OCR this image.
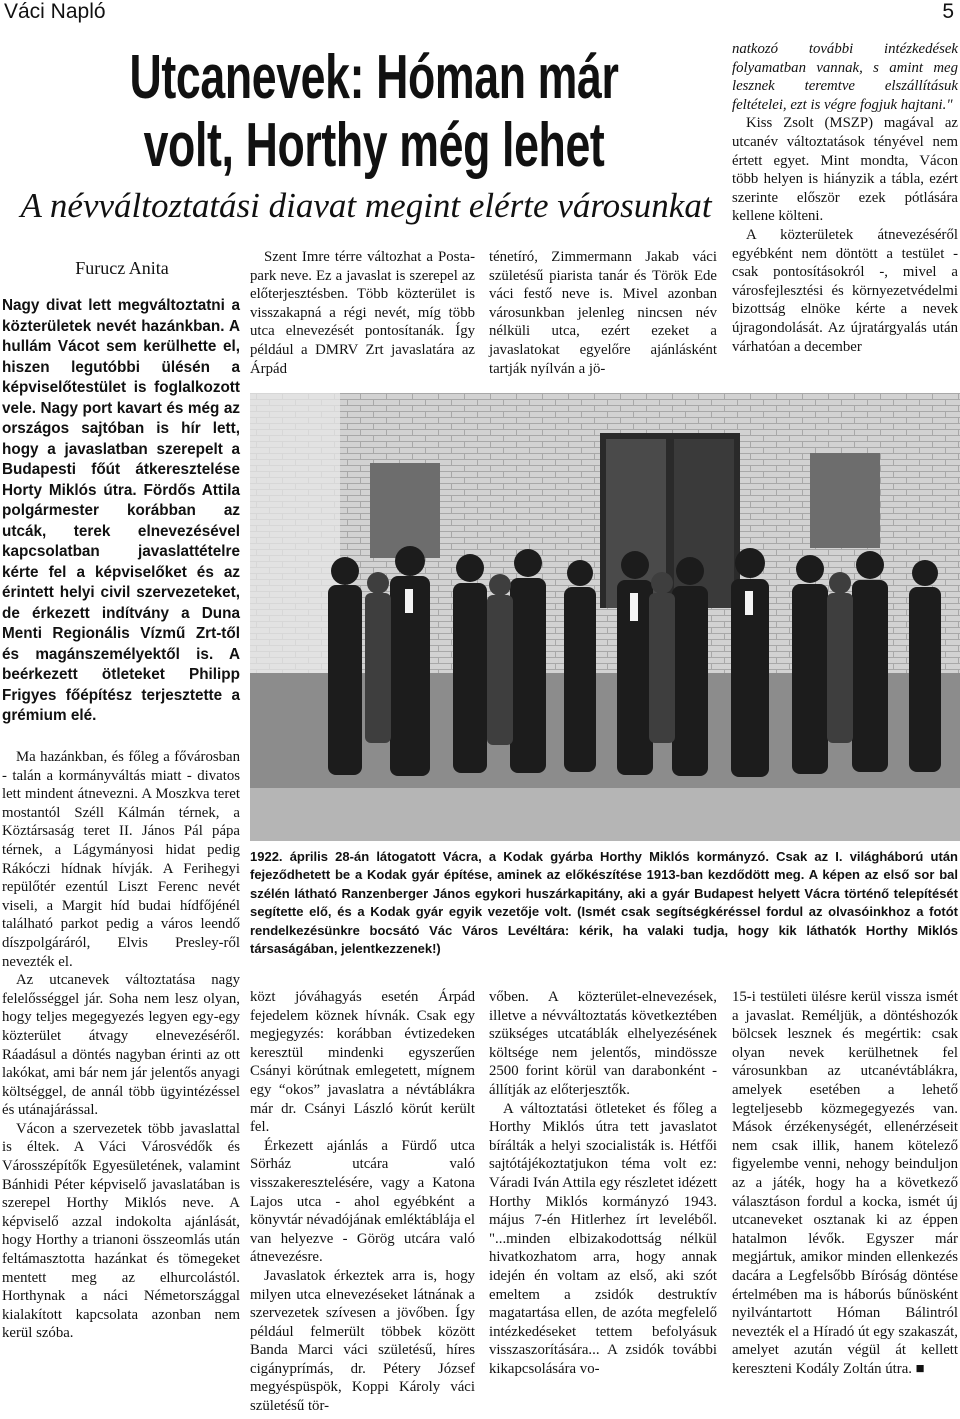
Váci Napló	5
Utcanevek: Hóman már volt, Horthy még lehet
A névváltoztatási diavat megint elérte városunkat
Furucz Anita

Nagy divat lett megváltoztatni a közterületek nevét hazánkban. A hullám Vácot sem kerülhette el, hiszen legutóbbi ülésén a képviselőtestület is foglalkozott vele. Nagy port kavart és még az országos sajtóban is hír lett, hogy a javaslatban szerepelt a Budapesti főút átkeresztelése Horty Miklós útra. Fördős Attila polgármester korábban az utcák, terek elnevezésével kapcsolatban javaslattételre kérte fel a képviselőket és az érintett helyi civil szervezeteket, de érkezett indítvány a Duna Menti Regionális Vízmű Zrt-től és magánszemélyektől is. A beérkezett ötleteket Philipp Frigyes főépítész terjesztette a grémium elé.

Ma hazánkban, és főleg a fővárosban - talán a kormányváltás miatt - divatos lett mindent átnevezni. A Moszkva teret mostantól Széll Kálmán térnek, a Köztársaság teret II. János Pál pápa térnek, a Lágymányosi hidat pedig Rákóczi hídnak hívják. A Ferihegyi repülőtér ezentúl Liszt Ferenc nevét viseli, a Margit híd budai hídfőjénél található parkot pedig a város leendő díszpolgáráról, Elvis Presley-ről nevezték el.

Az utcanevek változtatása nagy felelősséggel jár. Soha nem lesz olyan, hogy teljes megegyezés legyen egy-egy közterület átvagy elnevezéséről. Ráadásul a döntés nagyban érinti az ott lakókat, ami bár nem jár jelentős anyagi költséggel, de annál több ügyintézéssel és utánajárással.

Vácon a szervezetek több javaslattal is éltek. A Váci Városvédők és Városszépítők Egyesületének, valamint Bánhidi Péter képviselő javaslatában is szerepel Horthy Miklós neve. A képviselő azzal indokolta ajánlását, hogy Horthy a trianoni összeomlás után feltámasztotta hazánkat és tömegeket mentett meg az elhurcolástól. Horthynak a náci Németországgal kialakított kapcsolata azonban nem kerül szóba.

Szent Imre térre változhat a Posta-park neve. Ez a javaslat is szerepel az előterjesztésben. Több közterület is visszakapná a régi nevét, míg több utca elnevezését pontosítanák. Így például a DMRV Zrt javaslatára az Árpád

ténetíró, Zimmermann Jakab váci születésű piarista tanár és Török Ede váci festő neve is. Mivel azonban városunkban jelenleg nincsen név nélküli utca, ezért ezeket a javaslatokat egyelőre ajánlásként tartják nyílván a jö-

natkozó további intézkedések folyamatban vannak, s amint meg lesznek teremtve elszállításuk feltételei, ezt is végre fogjuk hajtani."

Kiss Zsolt (MSZP) magával az utcanév változtatások tényével nem értett egyet. Mint mondta, Vácon több helyen is hiányzik a tábla, ezért szerinte először ezek pótlására kellene költeni.

A közterületek átnevezéséről egyébként nem döntött a testület - csak pontosításokról -, mivel a városfejlesztési és környezetvédelmi bizottság elnöke kérte a nevek újragondolását. Az újratárgyalás után várhatóan a december

1922. április 28-án látogatott Vácra, a Kodak gyárba Horthy Miklós kormányzó. Csak az I. világháború után fejeződhetett be a Kodak gyár építése, aminek az előkészítése 1913-ban kezdődött meg. A képen az első sor bal szélén látható Ranzenberger János egykori huszárkapitány, aki a gyár Budapest helyett Vácra történő telepítését segítette elő, és a Kodak gyár egyik vezetője volt. (Ismét csak segítségkéréssel fordul az olvasóinkhoz a fotót rendelkezésünkre bocsátó Vác Város Levéltára: kérik, ha valaki tudja, hogy kik láthatók Horthy Miklós társaságában, jelentkezzenek!)

közt jóváhagyás esetén Árpád fejedelem köznek hívnák. Csak egy megjegyzés: korábban évtizedeken keresztül mindenki egyszerűen Csányi körútnak emlegetett, mígnem egy “okos” javaslatra a névtáblákra már dr. Csányi László körút került fel.

Érkezett ajánlás a Fürdő utca Sörház utcára való visszakeresztelésére, vagy a Katona Lajos utca - ahol egyébként a könyvtár névadójának emléktáblája el van helyezve - Görög utcára való átnevezésre.

Javaslatok érkeztek arra is, hogy milyen utca elnevezéseket látnának a szervezetek szívesen a jövőben. Így például felmerült többek között Banda Marci váci születésű, híres cigányprímás, dr. Pétery József megyéspüspök, Koppi Károly váci születésű tör-

vőben. A közterület-elnevezések, illetve a névváltoztatás következtében szükséges utcatáblák elhelyezésének költsége nem jelentős, mindössze 2500 forint körül van darabonként - állítják az előterjesztők.

A változtatási ötleteket és főleg a Horthy Miklós útra tett javaslatot bírálták a helyi szocialisták is. Hétfői sajtótájékoztatjukon téma volt ez: Váradi Iván Attila egy részletet idézett Horthy Miklós kormányzó 1943. május 7-én Hitlerhez írt leveléből. "...minden elbizakodottság nélkül hivatkozhatom arra, hogy annak idején én voltam az első, aki szót emeltem a zsidók destruktív magatartása ellen, de azóta megfelelő intézkedéseket tettem befolyásuk visszaszorítására... A zsidók további kikapcsolására vo-

15-i testületi ülésre kerül vissza ismét a javaslat. Reméljük, a döntéshozók bölcsek lesznek és megértik: csak olyan nevek kerülhetnek fel városunkban az utcanévtáblákra, amelyek esetében a lehető legteljesebb közmegegyezés van. Mások érzékenységét, ellenérzéseit nem csak illik, hanem kötelező figyelembe venni, nehogy beinduljon az a játék, hogy ha a következő választáson fordul a kocka, ismét új utcaneveket osztanak ki az éppen hatalmon lévők. Egyszer már megjártuk, amikor minden ellenkezés dacára a Legfelsőbb Bíróság döntése értelmében ma is háborús bűnösként nyilvántartott Hóman Bálintról nevezték el a Híradó út egy szakaszát, amelyet azután végül át kellett kereszteni Kodály Zoltán útra. ■
